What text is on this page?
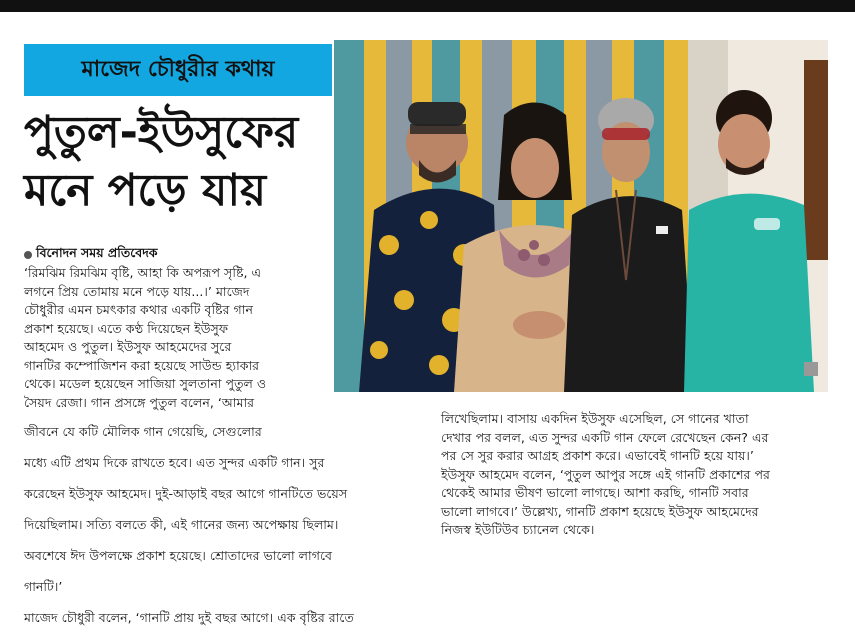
মাজেদ চৌধুরীর কথায়
পুতুল-ইউসুফের
মনে পড়ে যায়
বিনোদন সময় প্রতিবেদক

‘রিমঝিম রিমঝিম বৃষ্টি, আহা কি অপরূপ সৃষ্টি, এ

লগনে প্রিয় তোমায় মনে পড়ে যায়...।’ মাজেদ

চৌধুরীর এমন চমৎকার কথার একটি বৃষ্টির গান

প্রকাশ হয়েছে। এতে কণ্ঠ দিয়েছেন ইউসুফ

আহমেদ ও পুতুল। ইউসুফ আহমেদের সুরে

গানটির কম্পোজিশন করা হয়েছে সাউন্ড হ্যাকার

থেকে। মডেল হয়েছেন সাজিয়া সুলতানা পুতুল ও

সৈয়দ রেজা। গান প্রসঙ্গে পুতুল বলেন, ‘আমার

জীবনে যে কটি মৌলিক গান গেয়েছি, সেগুলোর

মধ্যে এটি প্রথম দিকে রাখতে হবে। এত সুন্দর একটি গান। সুর

করেছেন ইউসুফ আহমেদ। দুই-আড়াই বছর আগে গানটিতে ভয়েস

দিয়েছিলাম। সত্যি বলতে কী, এই গানের জন্য অপেক্ষায় ছিলাম।

অবশেষে ঈদ উপলক্ষে প্রকাশ হয়েছে। শ্রোতাদের ভালো লাগবে

গানটি।’

মাজেদ চৌধুরী বলেন, ‘গানটি প্রায় দুই বছর আগে। এক বৃষ্টির রাতে

লিখেছিলাম। বাসায় একদিন ইউসুফ এসেছিল, সে গানের খাতা

দেখার পর বলল, এত সুন্দর একটি গান ফেলে রেখেছেন কেন? এর

পর সে সুর করার আগ্রহ প্রকাশ করে। এভাবেই গানটি হয়ে যায়।’

ইউসুফ আহমেদ বলেন, ‘পুতুল আপুর সঙ্গে এই গানটি প্রকাশের পর

থেকেই আমার ভীষণ ভালো লাগছে। আশা করছি, গানটি সবার

ভালো লাগবে।’ উল্লেখ্য, গানটি প্রকাশ হয়েছে ইউসুফ আহমেদের

নিজস্ব ইউটিউব চ্যানেল থেকে।
